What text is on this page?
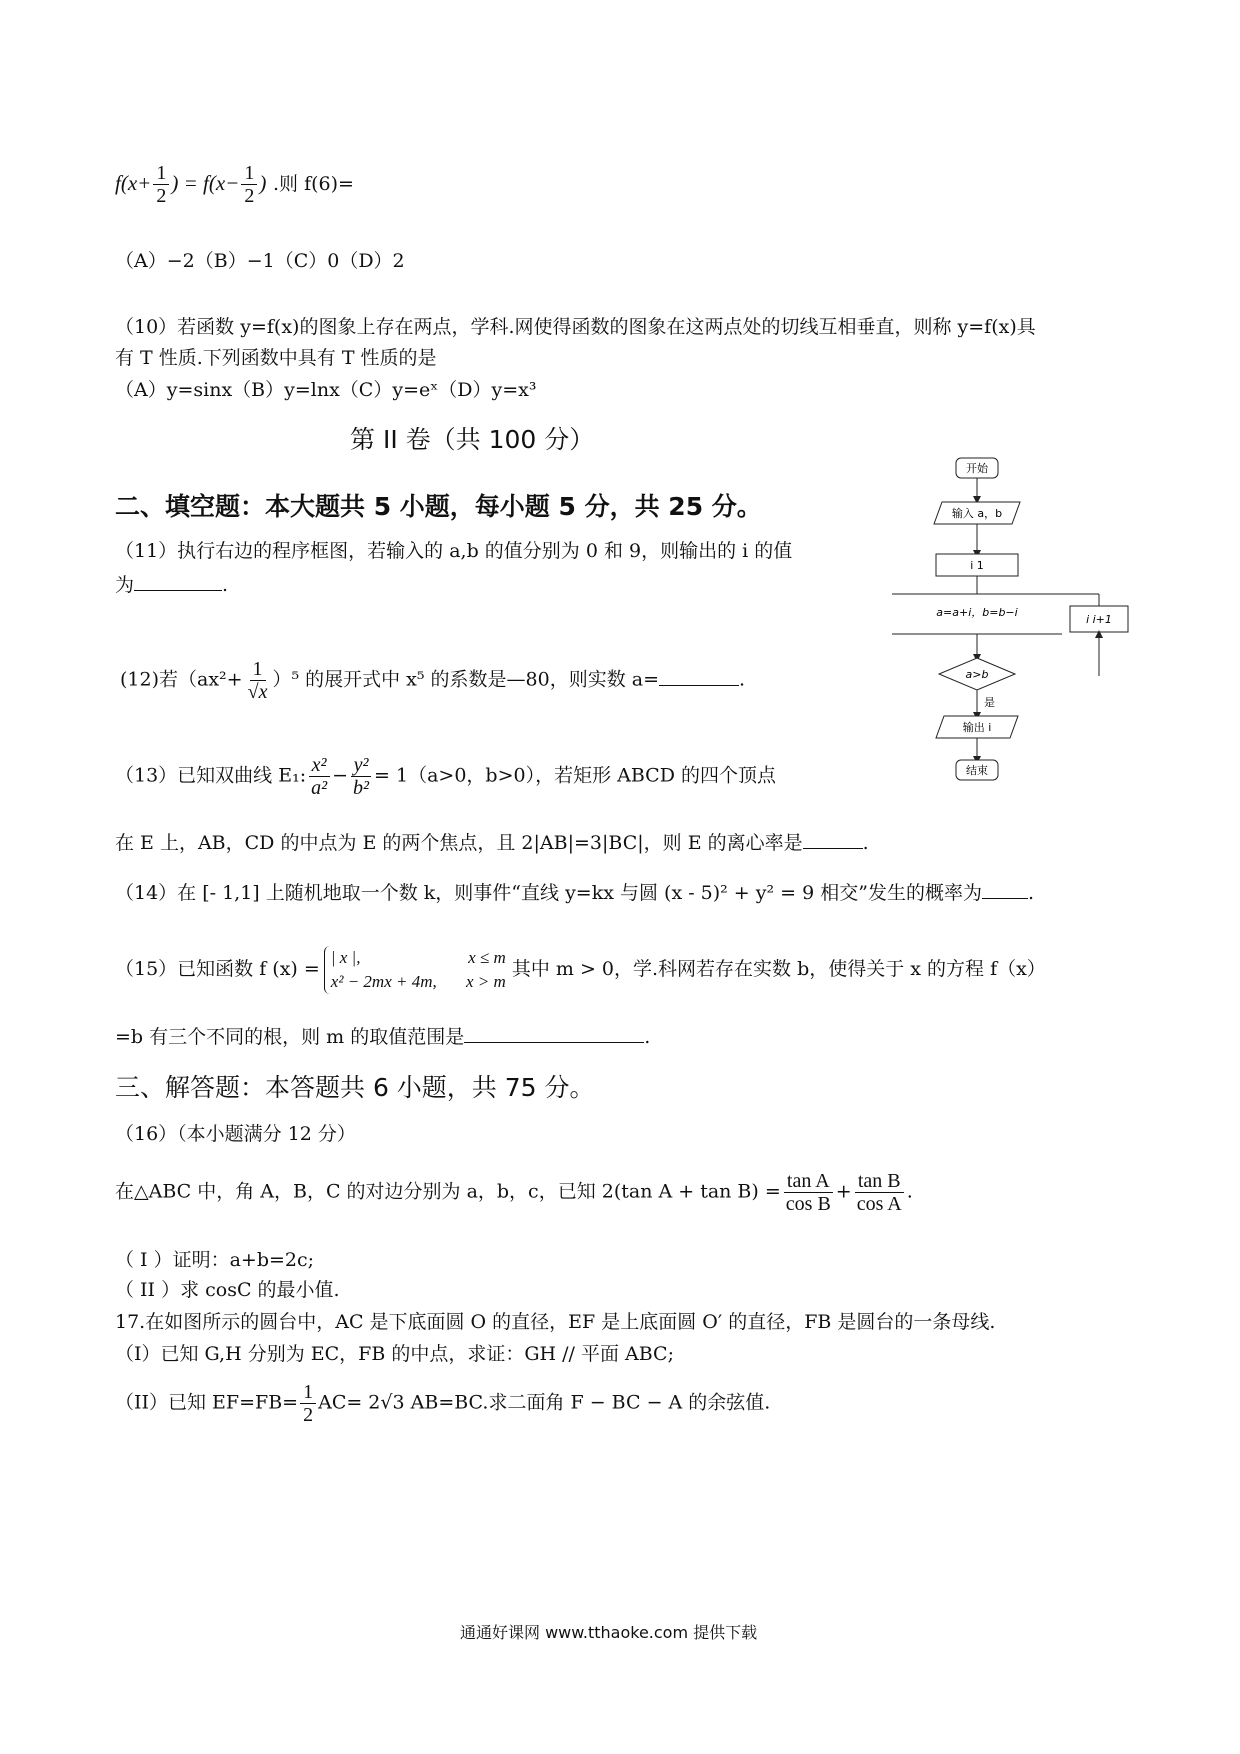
$f(x+ \frac{1}{2}$ ) = $f(x- \frac{1}{2}$ ) .则 f(6)=
（A）−2（B）−1（C）0（D）2
（10）若函数 y=f(x)的图象上存在两点，学科.网使得函数的图象在这两点处的切线互相垂直，则称 y=f(x)具
有 T 性质.下列函数中具有 T 性质的是
（A）y=sinx（B）y=lnx（C）y=eˣ（D）y=x³
第 II 卷（共 100 分）
二、填空题：本大题共 5 小题，每小题 5 分，共 25 分。
（11）执行右边的程序框图，若输入的 a,b 的值分别为 0 和 9，则输出的 i 的值
为	.
(12)若$(ax^2+ \frac{1}{√x} )^5$ 的展开式中 x⁵ 的系数是—80，则实数 a=	.
（13）已知双曲线 E₁: $\frac{\text{x²}}{\text{a²}} - \frac{\text{y²}}{\text{b²}} = 1(a>0$，b>0），若矩形 ABCD 的四个顶点
在 E 上，AB，CD 的中点为 E 的两个焦点，且 2|AB|=3|BC|，则 E 的离心率是	.
（14）在 [- 1,1] 上随机地取一个数 k，则事件“直线 y=kx 与圆 (x - 5)² + y² = 9 相交”发生的概率为 .
（15）已知函数 f (x) =
| x |,	x ≤ m
x² − 2mx + 4m, x > m
其中 m > 0，学.科网若存在实数 b，使得关于 x 的方程 f（x）
=b 有三个不同的根，则 m 的取值范围是	.
三、解答题：本答题共 6 小题，共 75 分。
（16）（本小题满分 12 分）
在△ABC 中，角 A，B，C 的对边分别为 a，b，c，已知 2(tan $A + \tan B) = \frac{\text{tan A}}{\text{cos B}} + \frac{\text{tan B}}{\text{cos A}}$ .
（ I ）证明：a+b=2c;
（ II ）求 cosC 的最小值.
17.在如图所示的圆台中，AC 是下底面圆 O 的直径，EF 是上底面圆 O′ 的直径，FB 是圆台的一条母线.
（I）已知 G,H 分别为 EC，FB 的中点，求证：GH // 平面 ABC;
（II）已知 $EF=FB= \frac{1}{2} AC= 2√3$ AB=BC.求二面角 F − BC − A 的余弦值.
开始
输入 a，b
i 1
a=a+i，b=b−i
i i+1
a>b
是
输出 i
结束
通通好课网 www.tthaoke.com 提供下载
